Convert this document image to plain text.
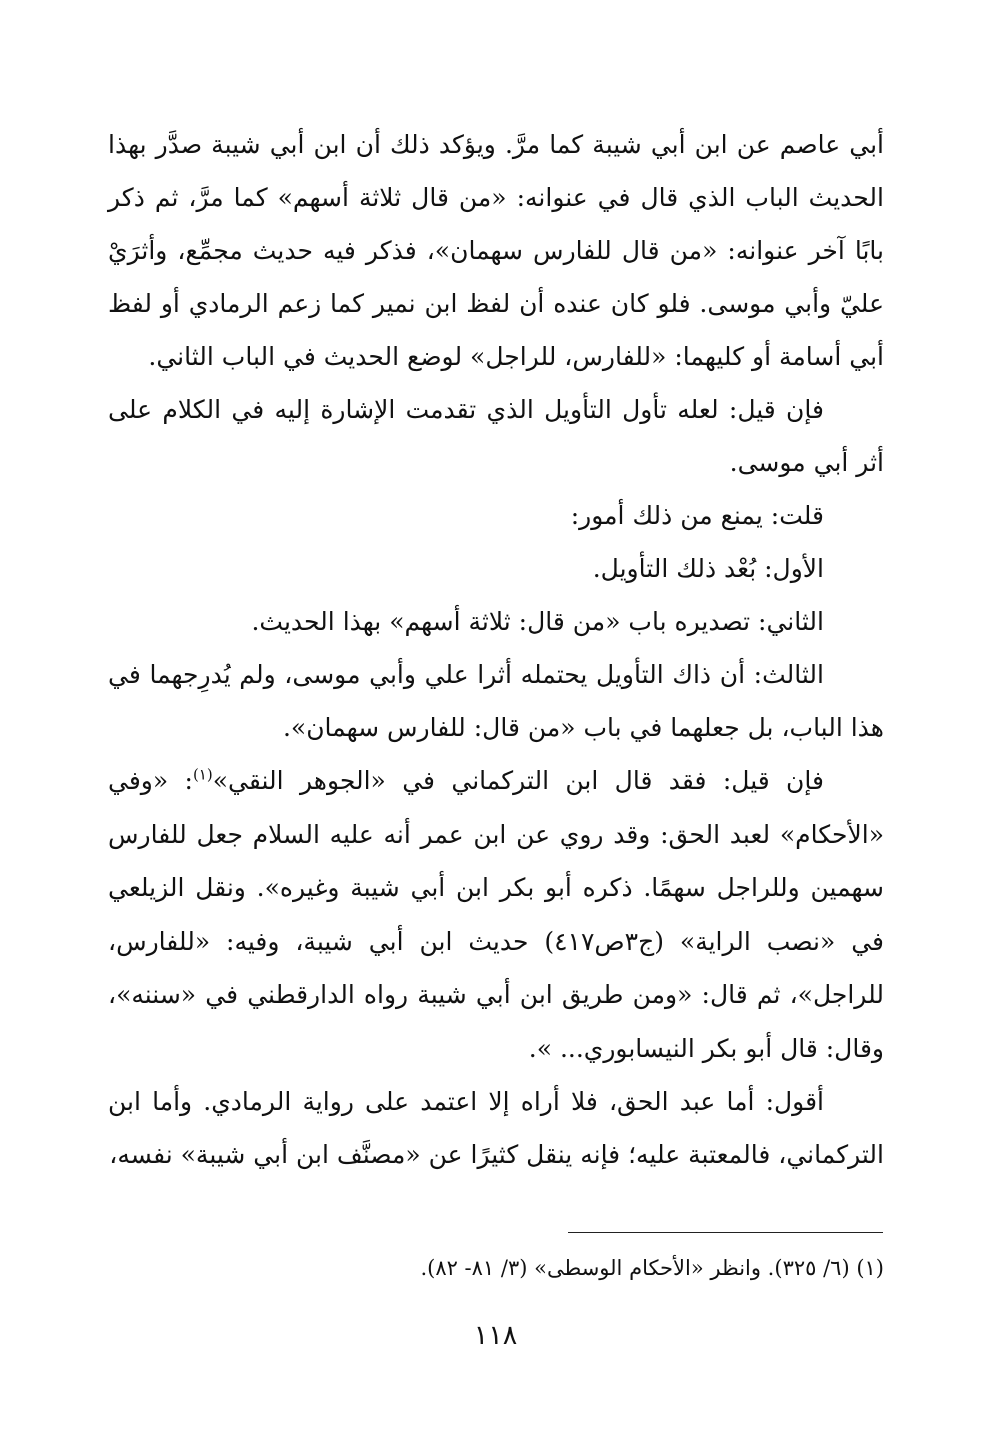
أبي عاصم عن ابن أبي شيبة كما مرَّ. ويؤكد ذلك أن ابن أبي شيبة صدَّر بهذا الحديث الباب الذي قال في عنوانه: «من قال ثلاثة أسهم» كما مرَّ، ثم ذكر بابًا آخر عنوانه: «من قال للفارس سهمان»، فذكر فيه حديث مجمِّع، وأثرَيْ عليّ وأبي موسى. فلو كان عنده أن لفظ ابن نمير كما زعم الرمادي أو لفظ أبي أسامة أو كليهما: «للفارس، للراجل» لوضع الحديث في الباب الثاني.

فإن قيل: لعله تأول التأويل الذي تقدمت الإشارة إليه في الكلام على أثر أبي موسى.

قلت: يمنع من ذلك أمور:

الأول: بُعْد ذلك التأويل.

الثاني: تصديره باب «من قال: ثلاثة أسهم» بهذا الحديث.

الثالث: أن ذاك التأويل يحتمله أثرا علي وأبي موسى، ولم يُدرِجهما في هذا الباب، بل جعلهما في باب «من قال: للفارس سهمان».

فإن قيل: فقد قال ابن التركماني في «الجوهر النقي»$^{(١)}$: «وفي «الأحكام» لعبد الحق: وقد روي عن ابن عمر أنه عليه السلام جعل للفارس سهمين وللراجل سهمًا. ذكره أبو بكر ابن أبي شيبة وغيره». ونقل الزيلعي في «نصب الراية» (ج٣ص٤١٧) حديث ابن أبي شيبة، وفيه: «للفارس، للراجل»، ثم قال: «ومن طريق ابن أبي شيبة رواه الدارقطني في «سننه»، وقال: قال أبو بكر النيسابوري... ».

أقول: أما عبد الحق، فلا أراه إلا اعتمد على رواية الرمادي. وأما ابن التركماني، فالمعتبة عليه؛ فإنه ينقل كثيرًا عن «مصنَّف ابن أبي شيبة» نفسه،

(١) (٦/ ٣٢٥). وانظر «الأحكام الوسطى» (٣/ ٨١- ٨٢).
١١٨
